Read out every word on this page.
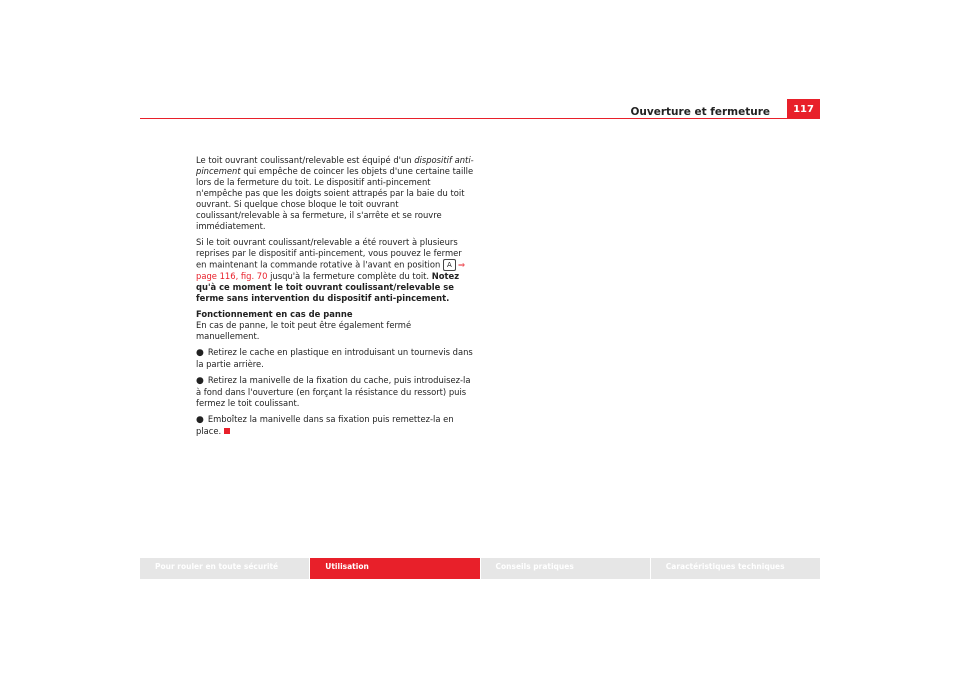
Ouverture et fermeture	117

Le toit ouvrant coulissant/relevable est équipé d'un dispositif anti-pincement qui empêche de coincer les objets d'une certaine taille lors de la fermeture du toit. Le dispositif anti-pincement n'empêche pas que les doigts soient attrapés par la baie du toit ouvrant. Si quelque chose bloque le toit ouvrant coulissant/relevable à sa fermeture, il s'arrête et se rouvre immédiatement.

Si le toit ouvrant coulissant/relevable a été rouvert à plusieurs reprises par le dispositif anti-pincement, vous pouvez le fermer en maintenant la commande rotative à l'avant en position A ⇒ page 116, fig. 70 jusqu'à la fermeture complète du toit. Notez qu'à ce moment le toit ouvrant coulissant/relevable se ferme sans intervention du dispositif anti-pincement.

Fonctionnement en cas de panne

En cas de panne, le toit peut être également fermé manuellement.

● Retirez le cache en plastique en introduisant un tournevis dans la partie arrière.
● Retirez la manivelle de la fixation du cache, puis introduisez-la à fond dans l'ouverture (en forçant la résistance du ressort) puis fermez le toit coulissant.
● Emboîtez la manivelle dans sa fixation puis remettez-la en place.
Pour rouler en toute sécurité	Utilisation	Conseils pratiques	Caractéristiques techniques
